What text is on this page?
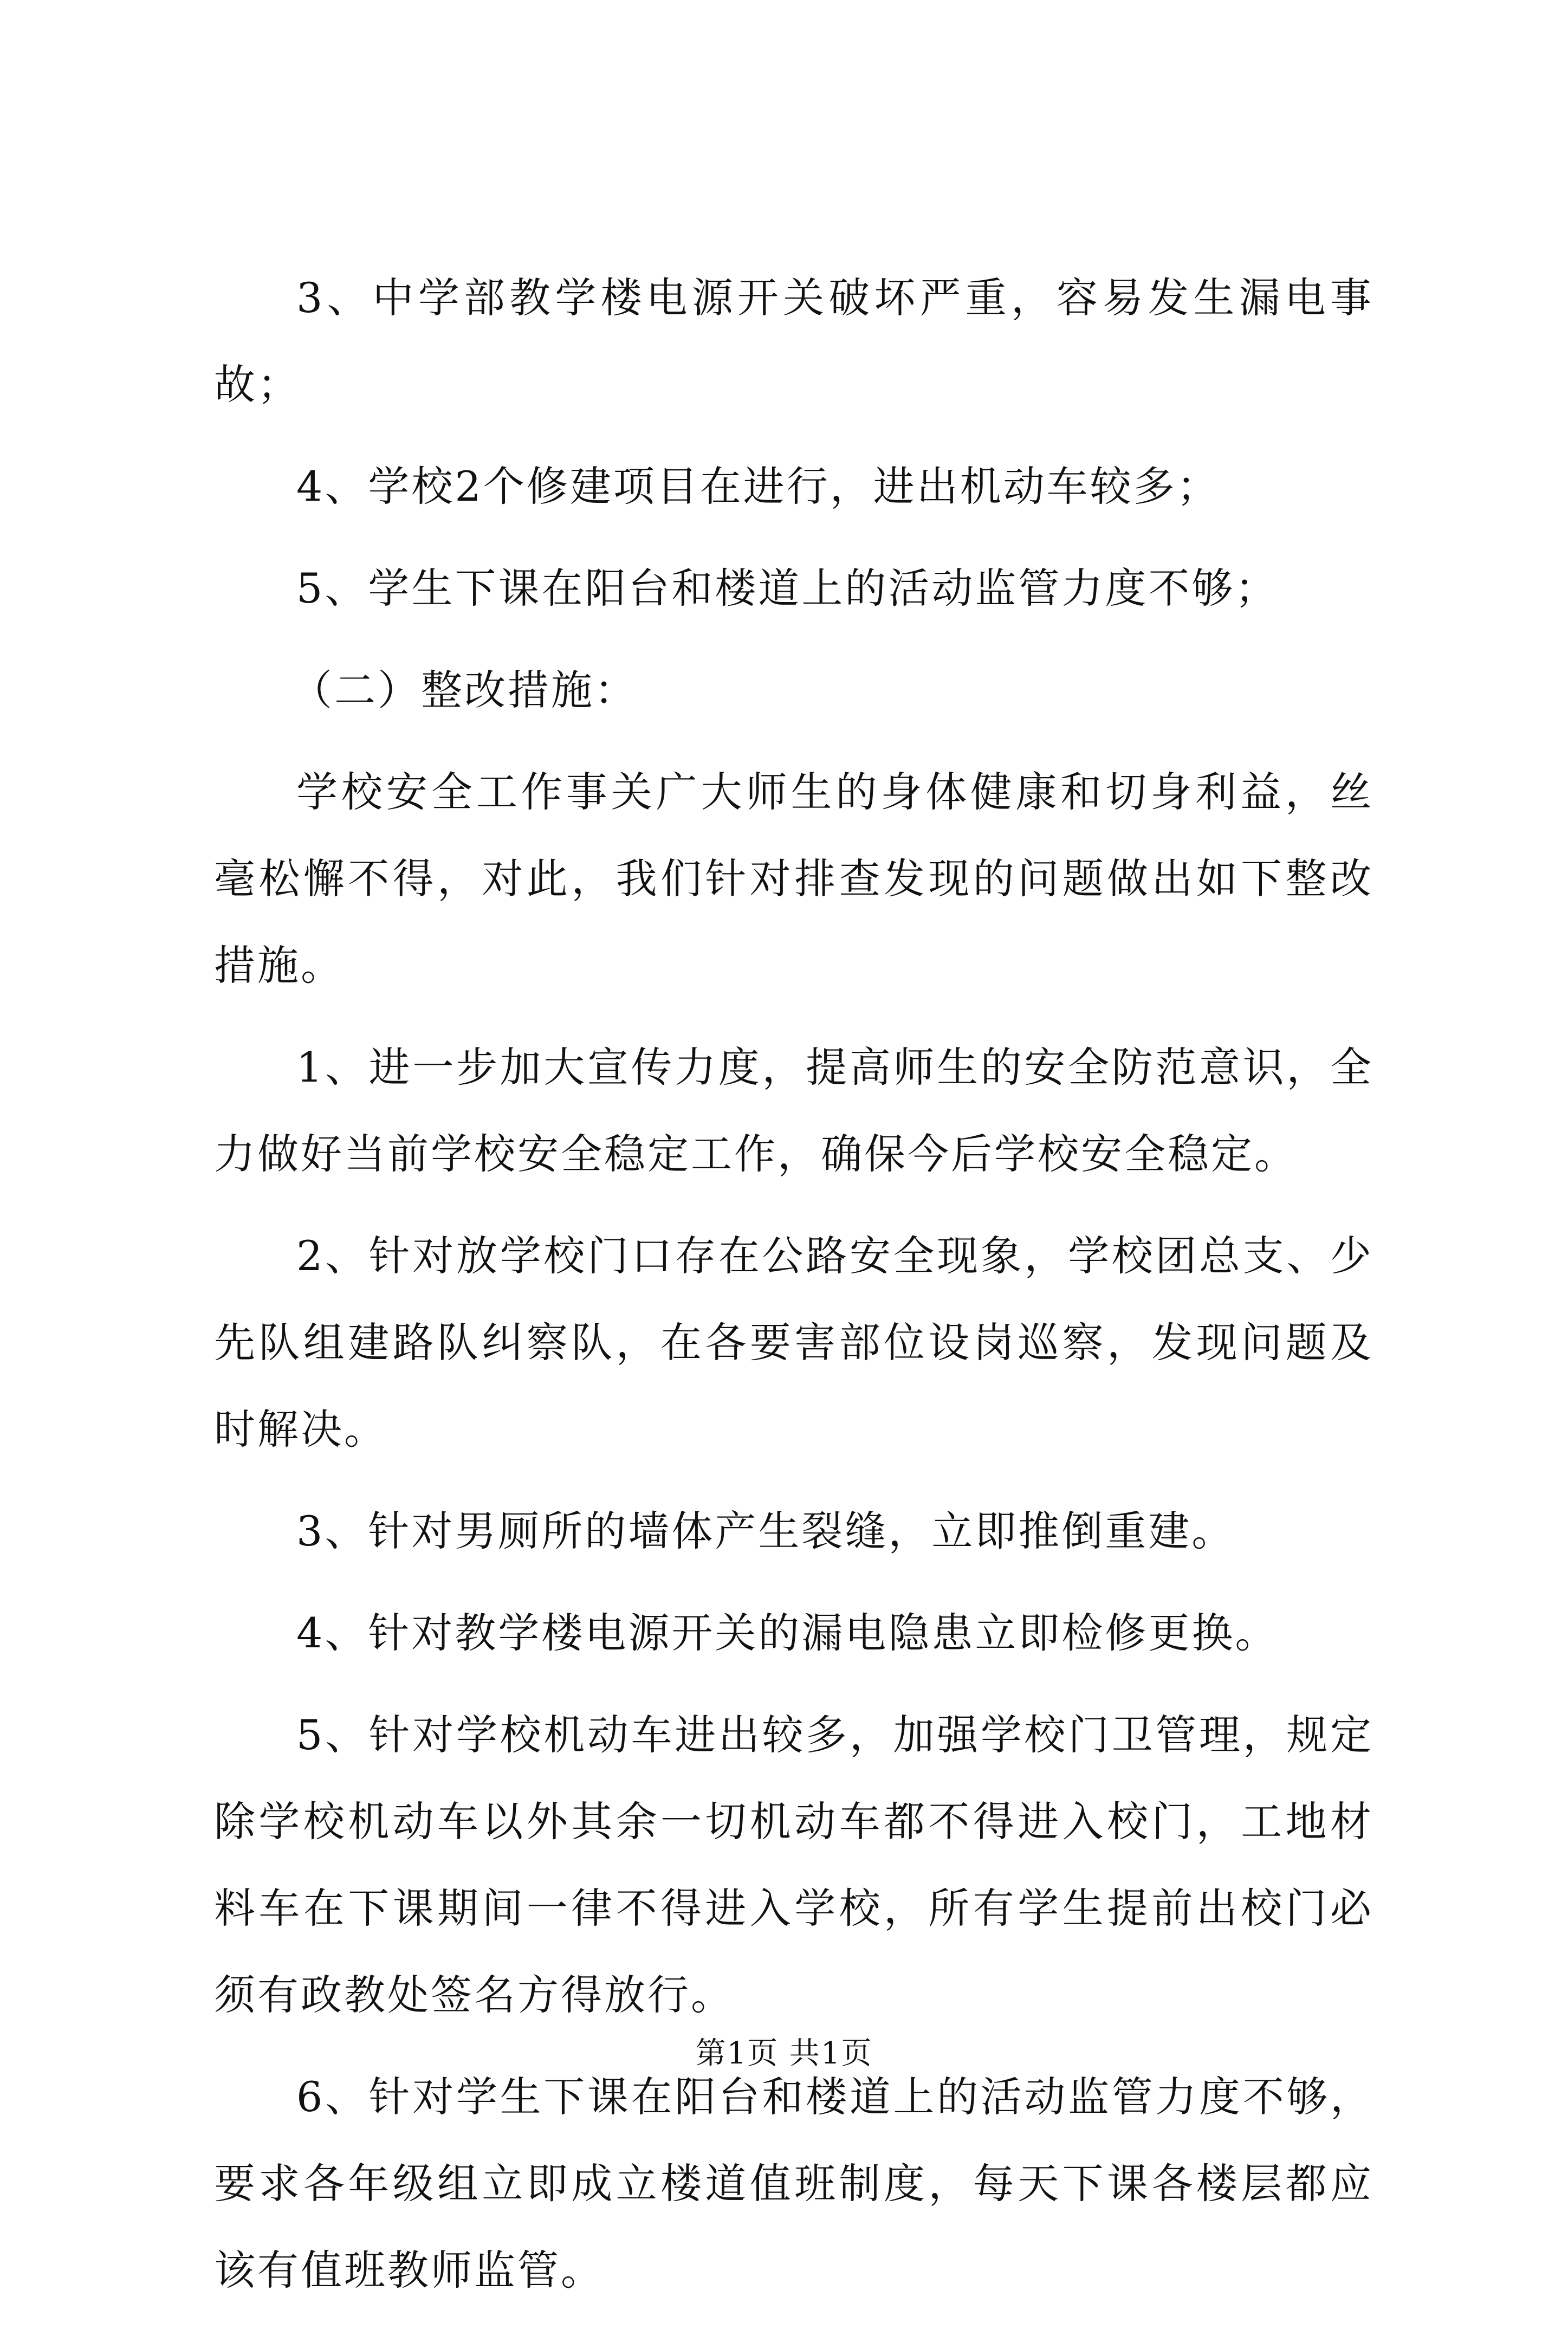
3、中学部教学楼电源开关破坏严重，容易发生漏电事故；

4、学校2个修建项目在进行，进出机动车较多；

5、学生下课在阳台和楼道上的活动监管力度不够；

（二）整改措施：

学校安全工作事关广大师生的身体健康和切身利益，丝毫松懈不得，对此，我们针对排查发现的问题做出如下整改措施。

1、进一步加大宣传力度，提高师生的安全防范意识，全力做好当前学校安全稳定工作，确保今后学校安全稳定。

2、针对放学校门口存在公路安全现象，学校团总支、少先队组建路队纠察队，在各要害部位设岗巡察，发现问题及时解决。

3、针对男厕所的墙体产生裂缝，立即推倒重建。

4、针对教学楼电源开关的漏电隐患立即检修更换。

5、针对学校机动车进出较多，加强学校门卫管理，规定除学校机动车以外其余一切机动车都不得进入校门，工地材料车在下课期间一律不得进入学校，所有学生提前出校门必须有政教处签名方得放行。

6、针对学生下课在阳台和楼道上的活动监管力度不够，要求各年级组立即成立楼道值班制度，每天下课各楼层都应该有值班教师监管。

第1页 共1页
